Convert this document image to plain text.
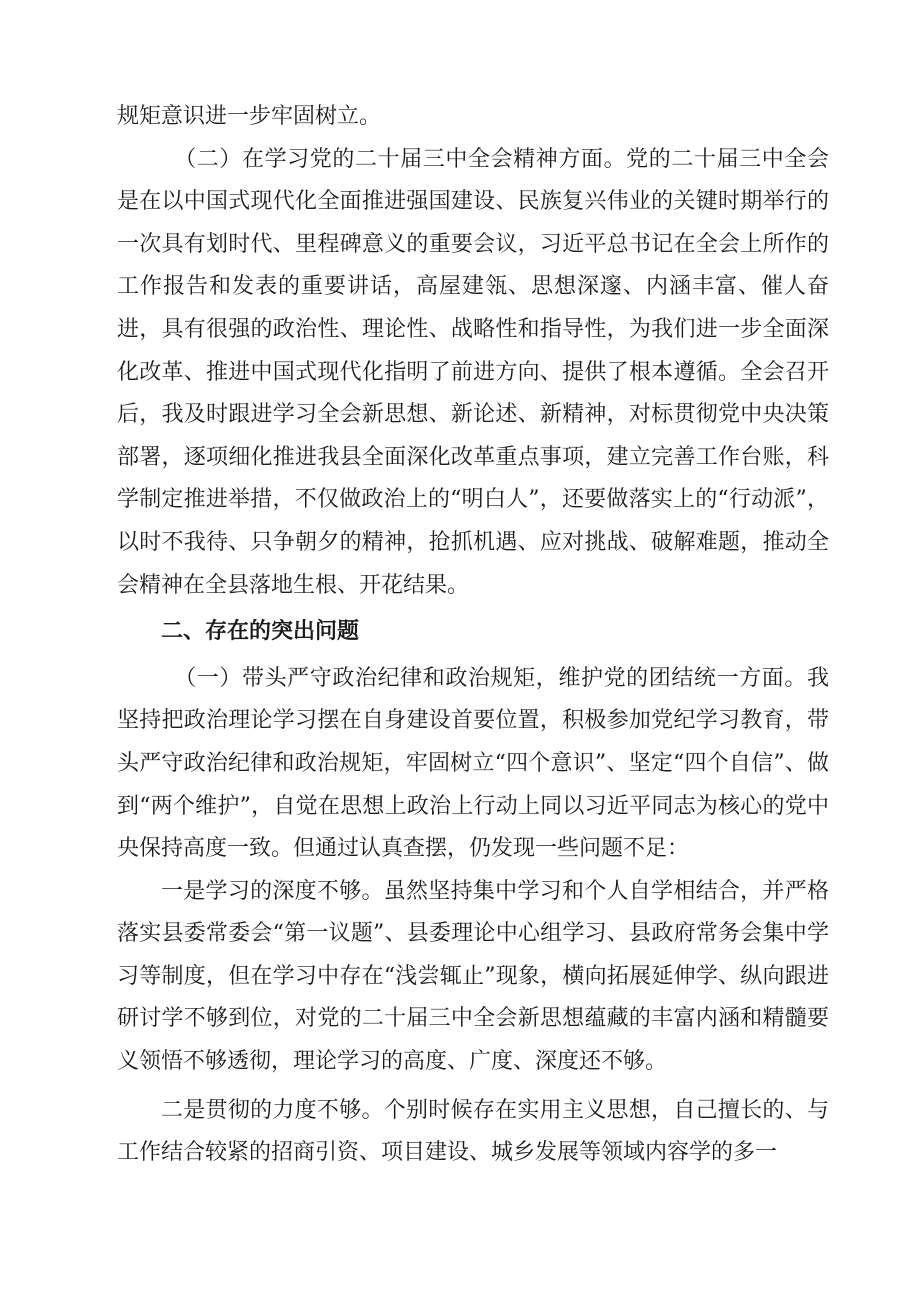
规矩意识进一步牢固树立。

（二）在学习党的二十届三中全会精神方面。党的二十届三中全会是在以中国式现代化全面推进强国建设、民族复兴伟业的关键时期举行的一次具有划时代、里程碑意义的重要会议，习近平总书记在全会上所作的工作报告和发表的重要讲话，高屋建瓴、思想深邃、内涵丰富、催人奋进，具有很强的政治性、理论性、战略性和指导性，为我们进一步全面深化改革、推进中国式现代化指明了前进方向、提供了根本遵循。全会召开后，我及时跟进学习全会新思想、新论述、新精神，对标贯彻党中央决策部署，逐项细化推进我县全面深化改革重点事项，建立完善工作台账，科学制定推进举措，不仅做政治上的“明白人”，还要做落实上的“行动派”，以时不我待、只争朝夕的精神，抢抓机遇、应对挑战、破解难题，推动全会精神在全县落地生根、开花结果。

二、存在的突出问题

（一）带头严守政治纪律和政治规矩，维护党的团结统一方面。我坚持把政治理论学习摆在自身建设首要位置，积极参加党纪学习教育，带头严守政治纪律和政治规矩，牢固树立“四个意识”、坚定“四个自信”、做到“两个维护”，自觉在思想上政治上行动上同以习近平同志为核心的党中央保持高度一致。但通过认真查摆，仍发现一些问题不足：

一是学习的深度不够。虽然坚持集中学习和个人自学相结合，并严格落实县委常委会“第一议题”、县委理论中心组学习、县政府常务会集中学习等制度，但在学习中存在“浅尝辄止”现象，横向拓展延伸学、纵向跟进研讨学不够到位，对党的二十届三中全会新思想蕴藏的丰富内涵和精髓要义领悟不够透彻，理论学习的高度、广度、深度还不够。

二是贯彻的力度不够。个别时候存在实用主义思想，自己擅长的、与工作结合较紧的招商引资、项目建设、城乡发展等领域内容学的多一
